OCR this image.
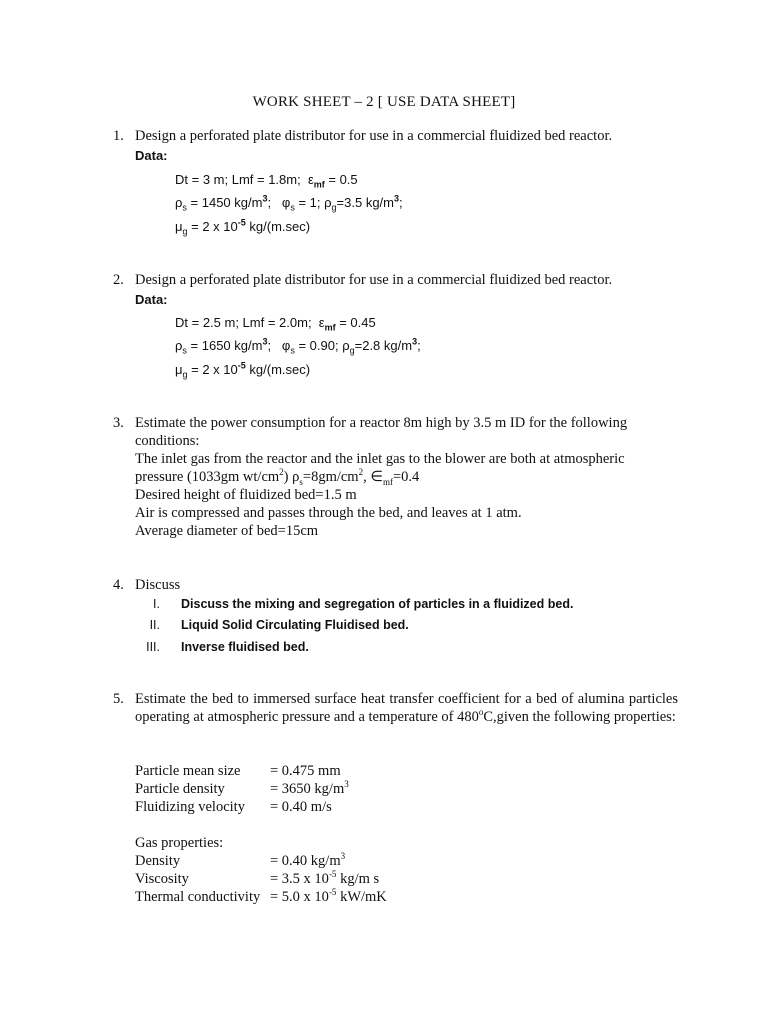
WORK SHEET – 2 [ USE DATA SHEET]
1. Design a perforated plate distributor for use in a commercial fluidized bed reactor.
Data:
Dt = 3 m; Lmf = 1.8m;  $\varepsilon_{mf} = 0.5$
$\rho_s = 1450$ $kg/m^3$;   $\varphi_s = 1$; $\rho_g=3.5$ $kg/m^3$;
$\mu_g = 2$ x $10^{-5}$ kg/(m.sec)
2. Design a perforated plate distributor for use in a commercial fluidized bed reactor.
Data:
Dt = 2.5 m; Lmf = 2.0m;  $\varepsilon_{mf} = 0.45$
$\rho_s = 1650$ $kg/m^3$;   $\varphi_s = 0.90$; $\rho_g=2.8$ $kg/m^3$;
$\mu_g = 2$ x $10^{-5}$ kg/(m.sec)
3. Estimate the power consumption for a reactor 8m high by 3.5 m ID for the following
conditions:
The inlet gas from the reactor and the inlet gas to the blower are both at atmospheric
pressure (1033gm $wt/cm^2$) $\rho_s=8gm/cm^2$, $\in_{mf}=0.4$
Desired height of fluidized bed=1.5 m
Air is compressed and passes through the bed, and leaves at 1 atm.
Average diameter of bed=15cm
4. Discuss
I. Discuss the mixing and segregation of particles in a fluidized bed.
II. Liquid Solid Circulating Fluidised bed.
III. Inverse fluidised bed.
5. Estimate the bed to immersed surface heat transfer coefficient for a bed of alumina particles operating at atmospheric pressure and a temperature of 480$^o$C,given the following properties:
Particle mean size = 0.475 mm
Particle density	= 3650 $kg/m^3$
Fluidizing velocity = 0.40 m/s
Gas properties:
Density	= 0.40 $kg/m^3$
Viscosity	= 3.5 x $10^{-5}$ kg/m s
Thermal conductivity = 5.0 x $10^{-5}$ kW/mK
